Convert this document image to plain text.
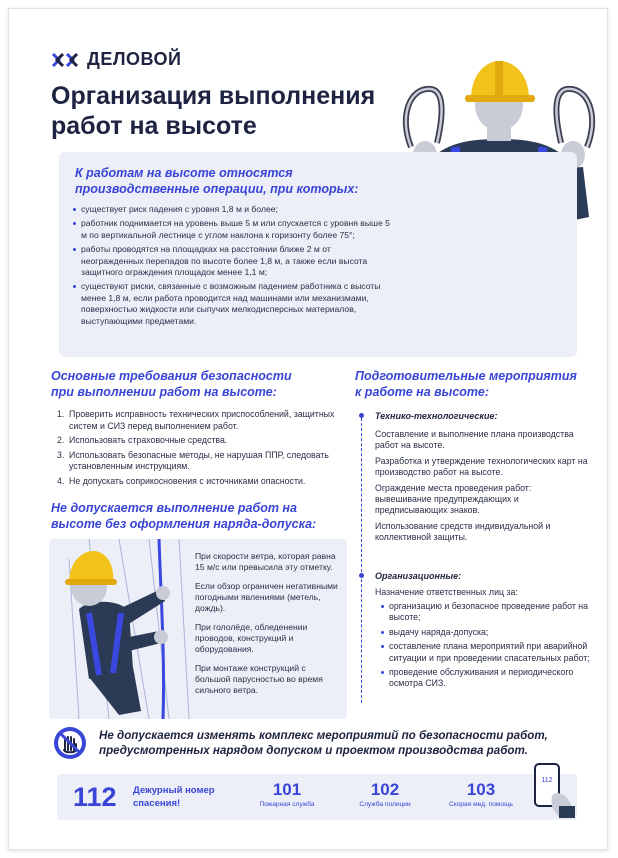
ДЕЛОВОЙ
Организация выполнения работ на высоте

К работам на высоте относятся производственные операции, при которых:

существует риск падения с уровня 1,8 м и более;
работник поднимается на уровень выше 5 м или спускается с уровня выше 5 м по вертикальной лестнице с углом наклона к горизонту более 75°;
работы проводятся на площадках на расстоянии ближе 2 м от неогражденных перепадов по высоте более 1,8 м, а также если высота защитного ограждения площадок менее 1,1 м;
существуют риски, связанные с возможным падением работника с высоты менее 1,8 м, если работа проводится над машинами или механизмами, поверхностью жидкости или сыпучих мелкодисперсных материалов, выступающими предметами.

Основные требования безопасности при выполнении работ на высоте:

1. Проверить исправность технических приспособлений, защитных систем и СИЗ перед выполнением работ.
2. Использовать страховочные средства.
3. Использовать безопасные методы, не нарушая ППР, следовать установленным инструкциям.
4. Не допускать соприкосновения с источниками опасности.

Не допускается выполнение работ на высоте без оформления наряда-допуска:

При скорости ветра, которая равна 15 м/с или превысила эту отметку.
Если обзор ограничен негативными погодными явлениями (метель, дождь).
При гололёде, обледенении проводов, конструкций и оборудования.
При монтаже конструкций с большой парусностью во время сильного ветра.

Подготовительные мероприятия к работе на высоте:

Технико-технологические:

Составление и выполнение плана производства работ на высоте.
Разработка и утверждение технологических карт на производство работ на высоте.
Ограждение места проведения работ: вывешивание предупреждающих и предписывающих знаков.
Использование средств индивидуальной и коллективной защиты.

Организационные:

Назначение ответственных лиц за:

организацию и безопасное проведение работ на высоте;
выдачу наряда-допуска;
составление плана мероприятий при аварийной ситуации и при проведении спасательных работ;
проведение обслуживания и периодического осмотра СИЗ.

Не допускается изменять комплекс мероприятий по безопасности работ, предусмотренных нарядом допуском и проектом производства работ.

112 Дежурный номер спасения!
101
Пожарная служба
102
Служба полиции
103
Скорая мед. помощь
112
